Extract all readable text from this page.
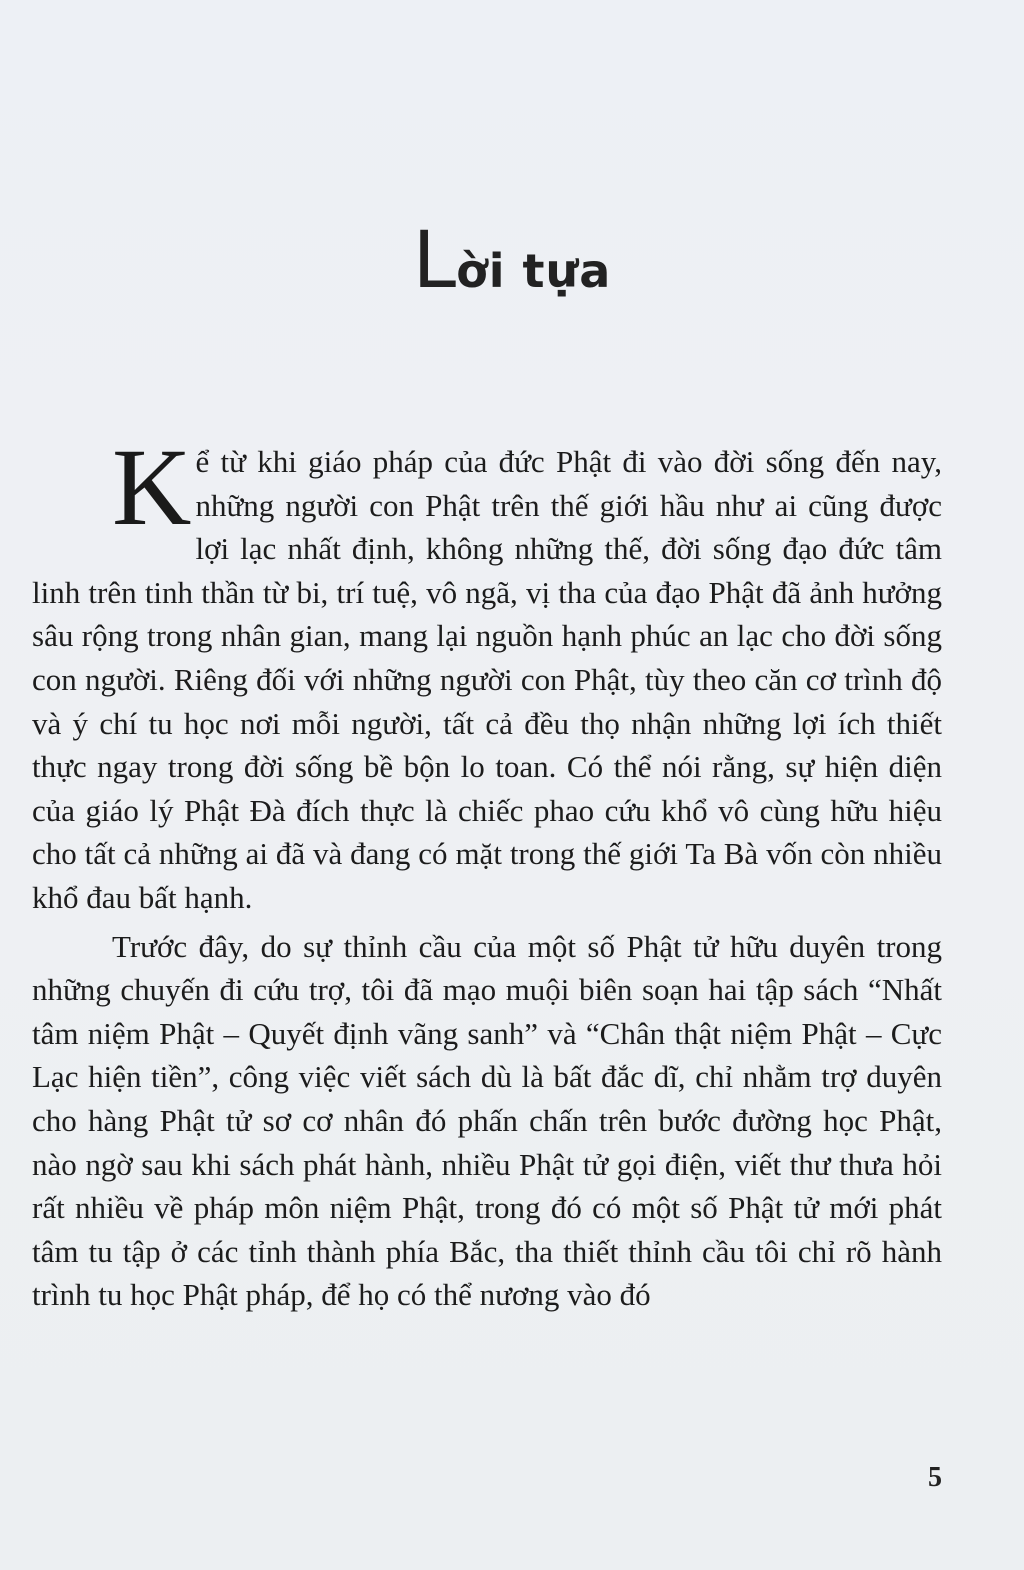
Lời tựa

Kể từ khi giáo pháp của đức Phật đi vào đời sống đến nay, những người con Phật trên thế giới hầu như ai cũng được lợi lạc nhất định, không những thế, đời sống đạo đức tâm linh trên tinh thần từ bi, trí tuệ, vô ngã, vị tha của đạo Phật đã ảnh hưởng sâu rộng trong nhân gian, mang lại nguồn hạnh phúc an lạc cho đời sống con người. Riêng đối với những người con Phật, tùy theo căn cơ trình độ và ý chí tu học nơi mỗi người, tất cả đều thọ nhận những lợi ích thiết thực ngay trong đời sống bề bộn lo toan. Có thể nói rằng, sự hiện diện của giáo lý Phật Đà đích thực là chiếc phao cứu khổ vô cùng hữu hiệu cho tất cả những ai đã và đang có mặt trong thế giới Ta Bà vốn còn nhiều khổ đau bất hạnh.

Trước đây, do sự thỉnh cầu của một số Phật tử hữu duyên trong những chuyến đi cứu trợ, tôi đã mạo muội biên soạn hai tập sách “Nhất tâm niệm Phật – Quyết định vãng sanh” và “Chân thật niệm Phật – Cực Lạc hiện tiền”, công việc viết sách dù là bất đắc dĩ, chỉ nhằm trợ duyên cho hàng Phật tử sơ cơ nhân đó phấn chấn trên bước đường học Phật, nào ngờ sau khi sách phát hành, nhiều Phật tử gọi điện, viết thư thưa hỏi rất nhiều về pháp môn niệm Phật, trong đó có một số Phật tử mới phát tâm tu tập ở các tỉnh thành phía Bắc, tha thiết thỉnh cầu tôi chỉ rõ hành trình tu học Phật pháp, để họ có thể nương vào đó

5
